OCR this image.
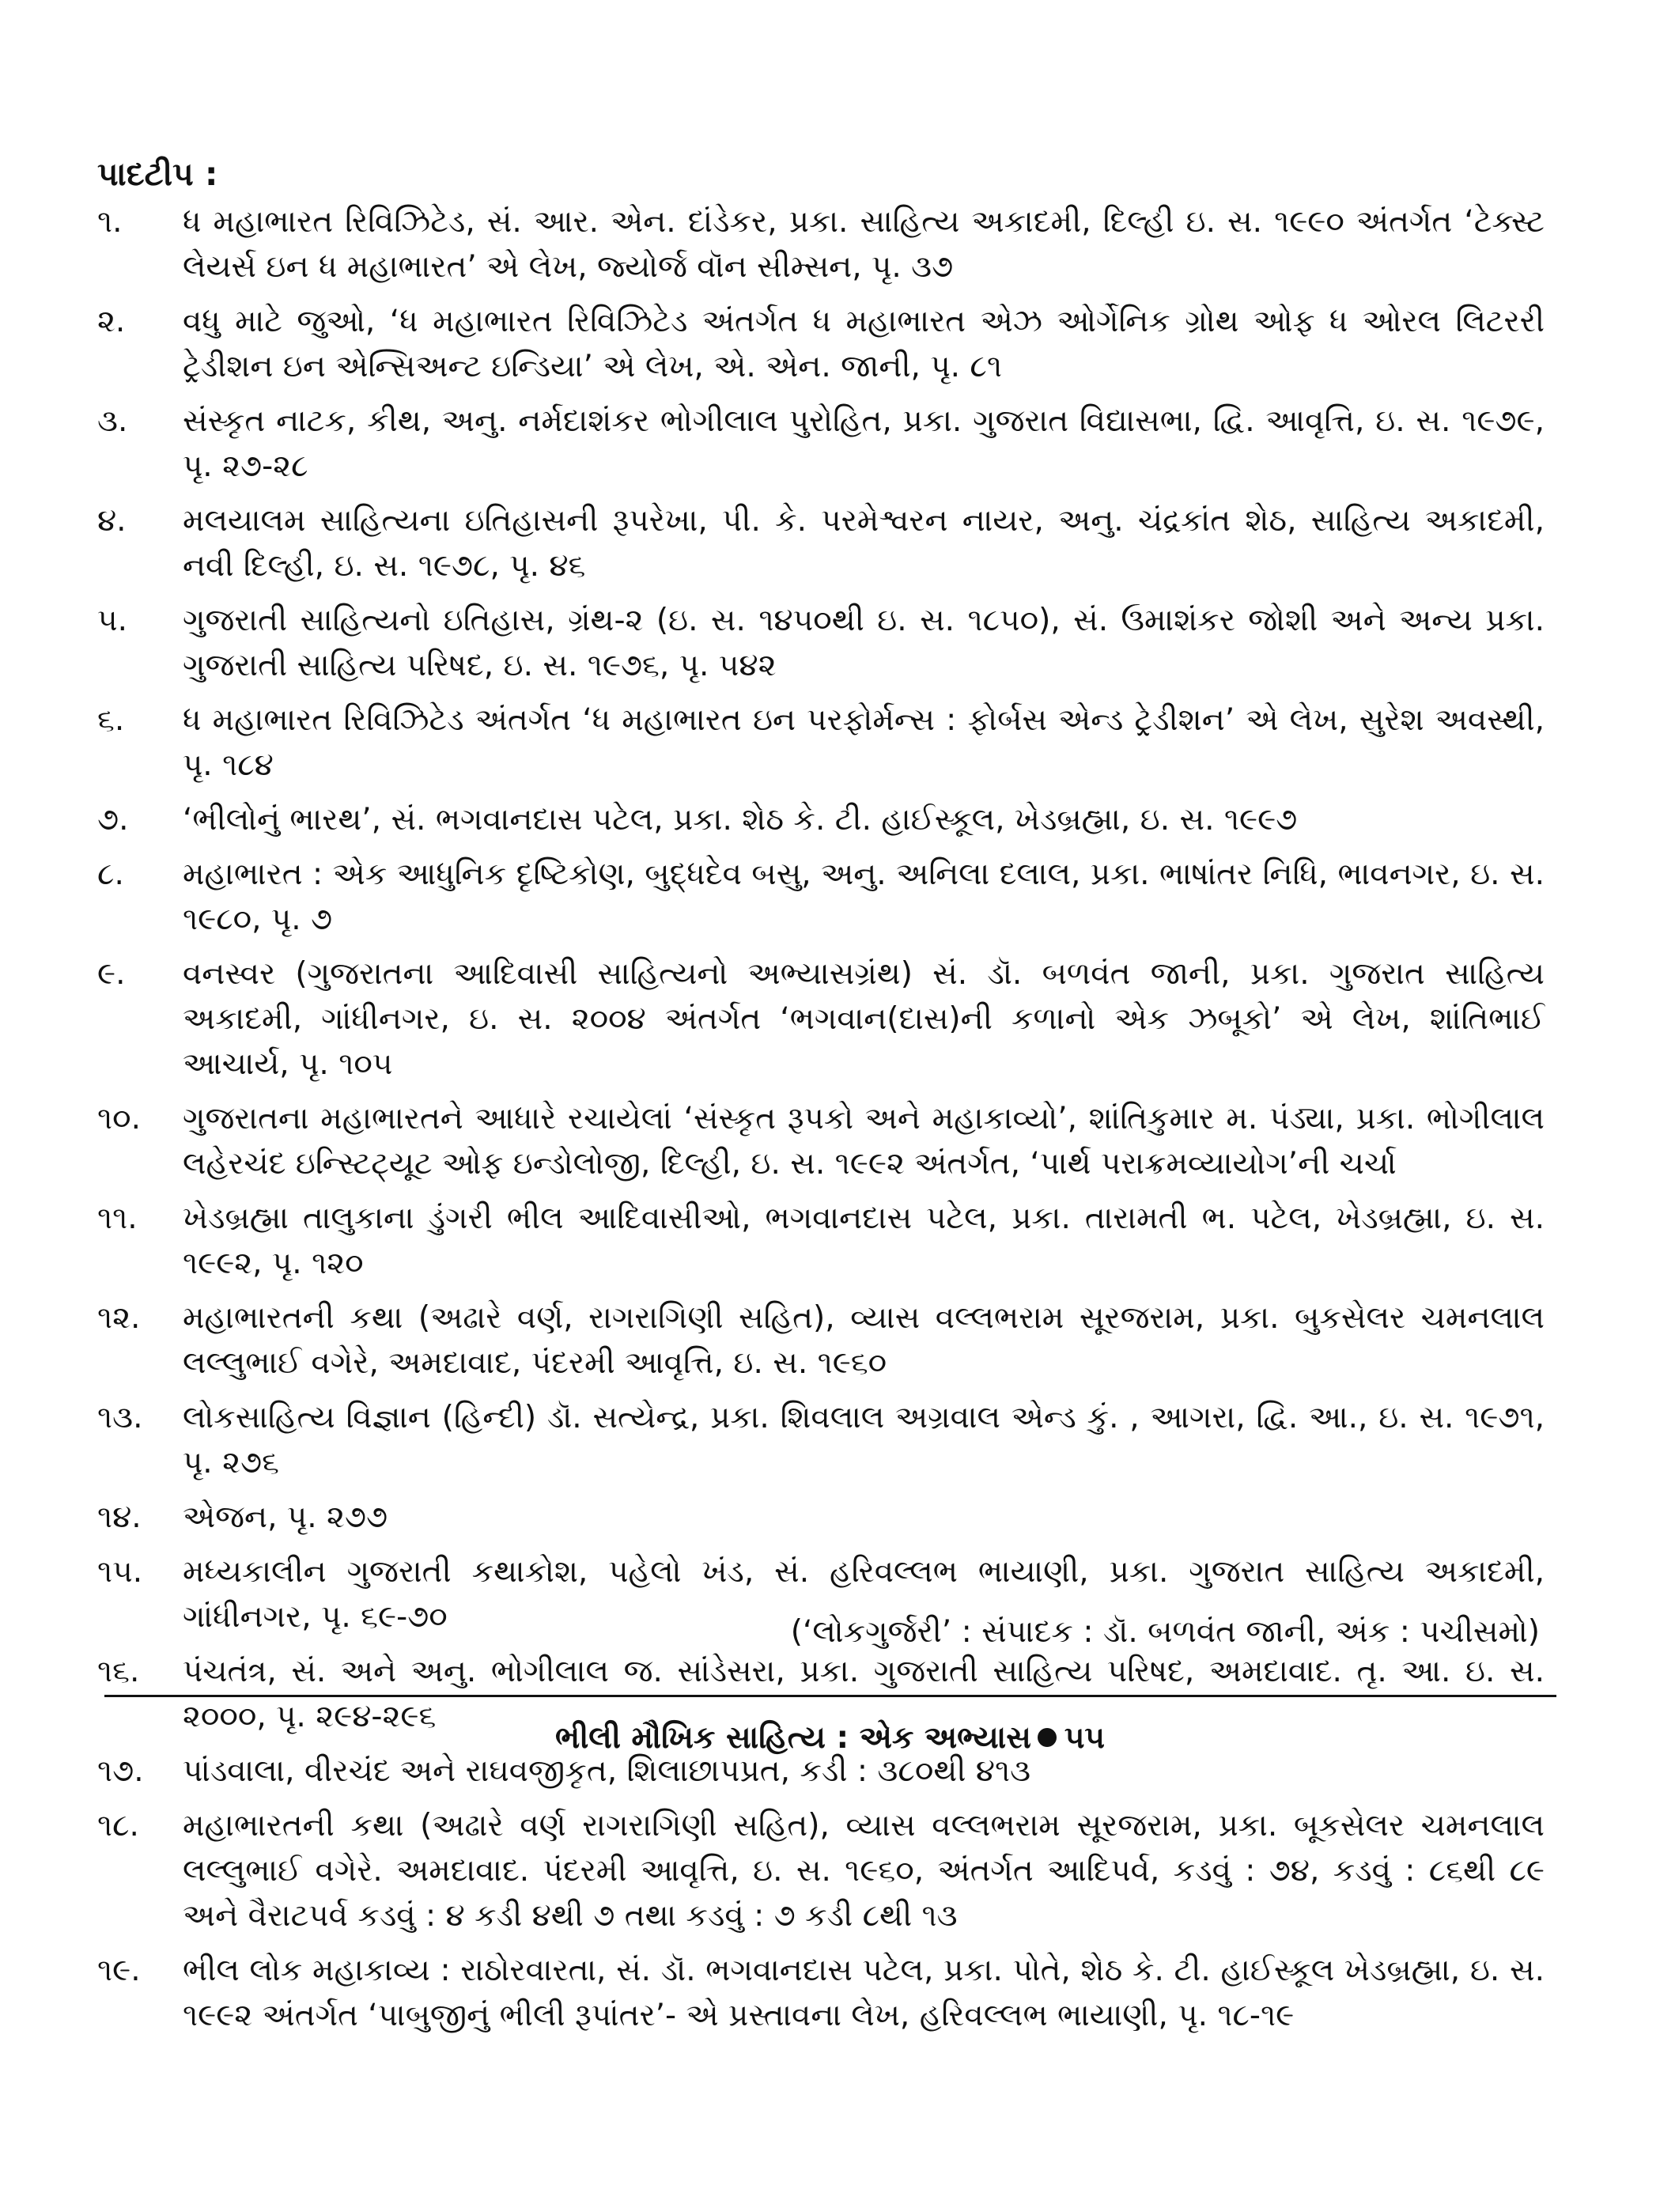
પાદટીપ :
૧.	ધ મહાભારત રિવિઝિટેડ, સં. આર. એન. દાંડેકર, પ્રકા. સાહિત્ય અકાદમી, દિલ્હી ઇ. સ. ૧૯૯૦ અંતર્ગત ‘ટેક્સ્ટ લેયર્સ ઇન ધ મહાભારત’ એ લેખ, જ્યોર્જ વૉન સીમ્સન, પૃ. ૩૭
૨.	વધુ માટે જુઓ, ‘ધ મહાભારત રિવિઝિટેડ અંતર્ગત ધ મહાભારત એઝ ઓર્ગેનિક ગ્રોથ ઓફ ધ ઓરલ લિટરરી ટ્રેડીશન ઇન એન્સિઅન્ટ ઇન્ડિયા’ એ લેખ, એ. એન. જાની, પૃ. ૮૧
૩.	સંસ્કૃત નાટક, કીથ, અનુ. નર્મદાશંકર ભોગીલાલ પુરોહિત, પ્રકા. ગુજરાત વિદ્યાસભા, દ્વિ. આવૃત્તિ, ઇ. સ. ૧૯૭૯, પૃ. ૨૭-૨૮
૪.	મલયાલમ સાહિત્યના ઇતિહાસની રૂપરેખા, પી. કે. પરમેશ્વરન નાયર, અનુ. ચંદ્રકાંત શેઠ, સાહિત્ય અકાદમી, નવી દિલ્હી, ઇ. સ. ૧૯૭૮, પૃ. ૪૬
૫.	ગુજરાતી સાહિત્યનો ઇતિહાસ, ગ્રંથ-૨ (ઇ. સ. ૧૪૫૦થી ઇ. સ. ૧૮૫૦), સં. ઉમાશંકર જોશી અને અન્ય પ્રકા. ગુજરાતી સાહિત્ય પરિષદ, ઇ. સ. ૧૯૭૬, પૃ. ૫૪૨
૬.	ધ મહાભારત રિવિઝિટેડ અંતર્ગત ‘ધ મહાભારત ઇન પરફોર્મન્સ : ફોર્બસ એન્ડ ટ્રેડીશન’ એ લેખ, સુરેશ અવસ્થી, પૃ. ૧૮૪
૭.	‘ભીલોનું ભારથ’, સં. ભગવાનદાસ પટેલ, પ્રકા. શેઠ કે. ટી. હાઈસ્કૂલ, ખેડબ્રહ્મા, ઇ. સ. ૧૯૯૭
૮.	મહાભારત : એક આધુનિક દૃષ્ટિકોણ, બુદ્ધદેવ બસુ, અનુ. અનિલા દલાલ, પ્રકા. ભાષાંતર નિધિ, ભાવનગર, ઇ. સ. ૧૯૮૦, પૃ. ૭
૯.	વનસ્વર (ગુજરાતના આદિવાસી સાહિત્યનો અભ્યાસગ્રંથ) સં. ડૉ. બળવંત જાની, પ્રકા. ગુજરાત સાહિત્ય અકાદમી, ગાંધીનગર, ઇ. સ. ૨૦૦૪ અંતર્ગત ‘ભગવાન(દાસ)ની કળાનો એક ઝબૂકો’ એ લેખ, શાંતિભાઈ આચાર્ય, પૃ. ૧૦૫
૧૦.	ગુજરાતના મહાભારતને આધારે રચાયેલાં ‘સંસ્કૃત રૂપકો અને મહાકાવ્યો’, શાંતિકુમાર મ. પંડ્યા, પ્રકા. ભોગીલાલ લહેરચંદ ઇન્સ્ટિટ્યૂટ ઓફ ઇન્ડોલોજી, દિલ્હી, ઇ. સ. ૧૯૯૨ અંતર્ગત, ‘પાર્થ પરાક્રમવ્યાયોગ’ની ચર્ચા
૧૧.	ખેડબ્રહ્મા તાલુકાના ડુંગરી ભીલ આદિવાસીઓ, ભગવાનદાસ પટેલ, પ્રકા. તારામતી ભ. પટેલ, ખેડબ્રહ્મા, ઇ. સ. ૧૯૯૨, પૃ. ૧૨૦
૧૨.	મહાભારતની કથા (અઢારે વર્ણ, રાગરાગિણી સહિત), વ્યાસ વલ્લભરામ સૂરજરામ, પ્રકા. બુકસેલર ચમનલાલ લલ્લુભાઈ વગેરે, અમદાવાદ, પંદરમી આવૃત્તિ, ઇ. સ. ૧૯૬૦
૧૩.	લોકસાહિત્ય વિજ્ઞાન (હિન્દી) ડૉ. સત્યેન્દ્ર, પ્રકા. શિવલાલ અગ્રવાલ એન્ડ કું. , આગરા, દ્વિ. આ., ઇ. સ. ૧૯૭૧, પૃ. ૨૭૬
૧૪.	એજન, પૃ. ૨૭૭
૧૫.	મધ્યકાલીન ગુજરાતી કથાકોશ, પહેલો ખંડ, સં. હરિવલ્લભ ભાયાણી, પ્રકા. ગુજરાત સાહિત્ય અકાદમી, ગાંધીનગર, પૃ. ૬૯-૭૦
૧૬.	પંચતંત્ર, સં. અને અનુ. ભોગીલાલ જ. સાંડેસરા, પ્રકા. ગુજરાતી સાહિત્ય પરિષદ, અમદાવાદ. તૃ. આ. ઇ. સ. ૨૦૦૦, પૃ. ૨૯૪-૨૯૬
૧૭.	પાંડવાલા, વીરચંદ અને રાઘવજીકૃત, શિલાછાપપ્રત, કડી : ૩૮૦થી ૪૧૩
૧૮.	મહાભારતની કથા (અઢારે વર્ણ રાગરાગિણી સહિત), વ્યાસ વલ્લભરામ સૂરજરામ, પ્રકા. બૂકસેલર ચમનલાલ લલ્લુભાઈ વગેરે. અમદાવાદ. પંદરમી આવૃત્તિ, ઇ. સ. ૧૯૬૦, અંતર્ગત આદિપર્વ, કડવું : ૭૪, કડવું : ૮૬થી ૮૯ અને વૈરાટપર્વ કડવું : ૪ કડી ૪થી ૭ તથા કડવું : ૭ કડી ૮થી ૧૩
૧૯.	ભીલ લોક મહાકાવ્ય : રાઠોરવારતા, સં. ડૉ. ભગવાનદાસ પટેલ, પ્રકા. પોતે, શેઠ કે. ટી. હાઈસ્કૂલ ખેડબ્રહ્મા, ઇ. સ. ૧૯૯૨ અંતર્ગત ‘પાબુજીનું ભીલી રૂપાંતર’- એ પ્રસ્તાવના લેખ, હરિવલ્લભ ભાયાણી, પૃ. ૧૮-૧૯
(‘લોકગુર્જરી’ : સંપાદક : ડૉ. બળવંત જાની, અંક : પચીસમો)
ભીલી મૌખિક સાહિત્ય : એક અભ્યાસ ૫૫
